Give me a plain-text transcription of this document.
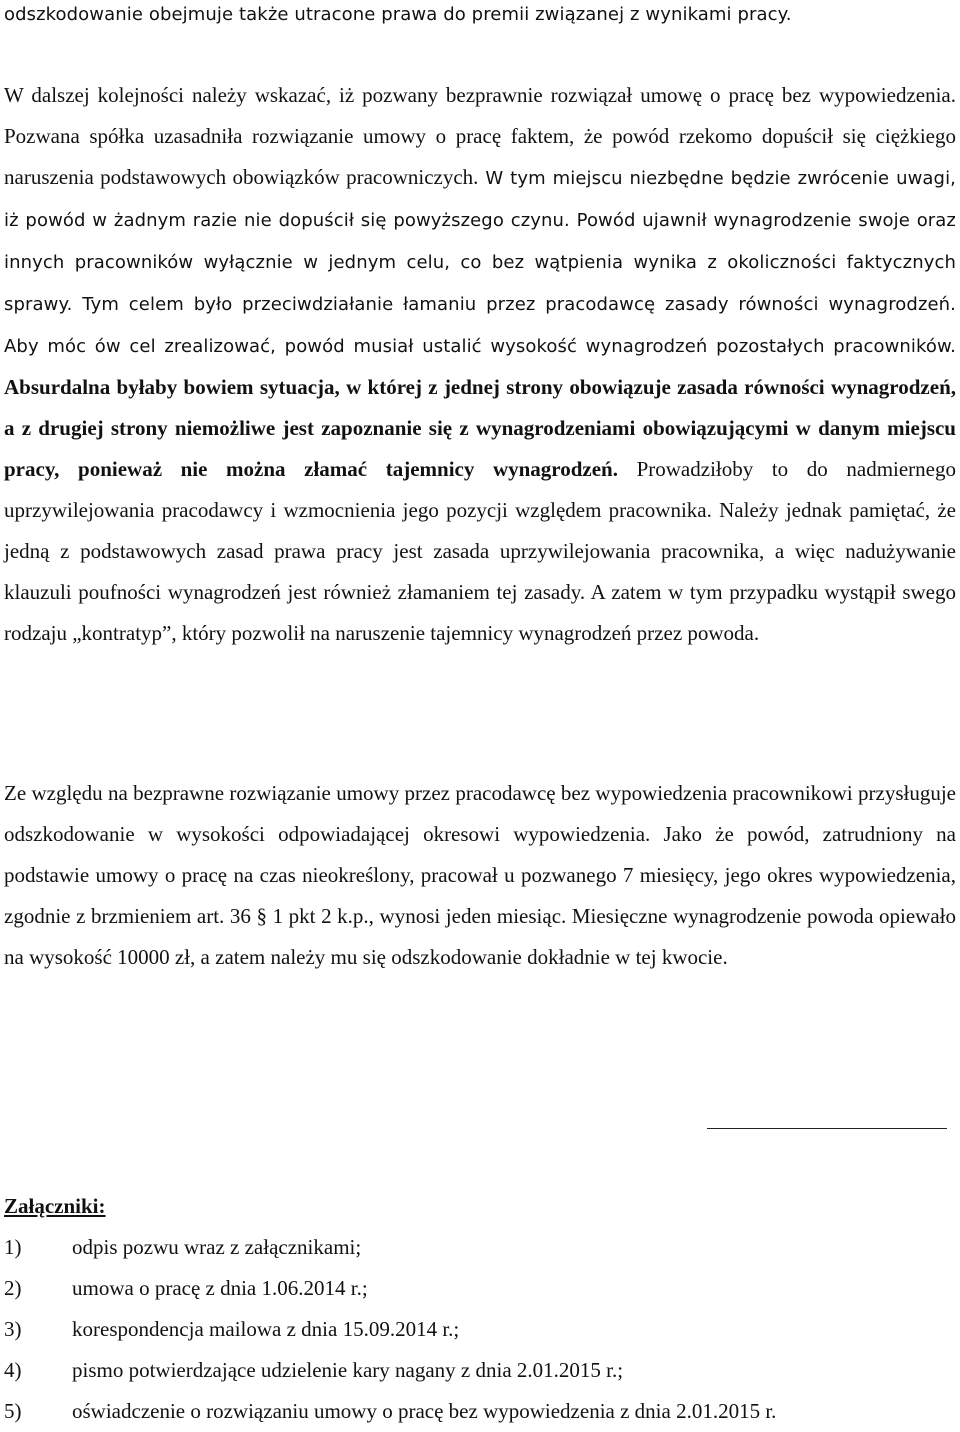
odszkodowanie obejmuje także utracone prawa do premii związanej z wynikami pracy.

W dalszej kolejności należy wskazać, iż pozwany bezprawnie rozwiązał umowę o pracę bez wypowiedzenia. Pozwana spółka uzasadniła rozwiązanie umowy o pracę faktem, że powód rzekomo dopuścił się ciężkiego naruszenia podstawowych obowiązków pracowniczych. W tym miejscu niezbędne będzie zwrócenie uwagi, iż powód w żadnym razie nie dopuścił się powyższego czynu. Powód ujawnił wynagrodzenie swoje oraz innych pracowników wyłącznie w jednym celu, co bez wątpienia wynika z okoliczności faktycznych sprawy. Tym celem było przeciwdziałanie łamaniu przez pracodawcę zasady równości wynagrodzeń. Aby móc ów cel zrealizować, powód musiał ustalić wysokość wynagrodzeń pozostałych pracowników. Absurdalna byłaby bowiem sytuacja, w której z jednej strony obowiązuje zasada równości wynagrodzeń, a z drugiej strony niemożliwe jest zapoznanie się z wynagrodzeniami obowiązującymi w danym miejscu pracy, ponieważ nie można złamać tajemnicy wynagrodzeń. Prowadziłoby to do nadmiernego uprzywilejowania pracodawcy i wzmocnienia jego pozycji względem pracownika. Należy jednak pamiętać, że jedną z podstawowych zasad prawa pracy jest zasada uprzywilejowania pracownika, a więc nadużywanie klauzuli poufności wynagrodzeń jest również złamaniem tej zasady. A zatem w tym przypadku wystąpił swego rodzaju „kontratyp”, który pozwolił na naruszenie tajemnicy wynagrodzeń przez powoda.

Ze względu na bezprawne rozwiązanie umowy przez pracodawcę bez wypowiedzenia pracownikowi przysługuje odszkodowanie w wysokości odpowiadającej okresowi wypowiedzenia. Jako że powód, zatrudniony na podstawie umowy o pracę na czas nieokreślony, pracował u pozwanego 7 miesięcy, jego okres wypowiedzenia, zgodnie z brzmieniem art. 36 § 1 pkt 2 k.p., wynosi jeden miesiąc. Miesięczne wynagrodzenie powoda opiewało na wysokość 10000 zł, a zatem należy mu się odszkodowanie dokładnie w tej kwocie.

Załączniki:

1)	odpis pozwu wraz z załącznikami;
2)	umowa o pracę z dnia 1.06.2014 r.;
3)	korespondencja mailowa z dnia 15.09.2014 r.;
4)	pismo potwierdzające udzielenie kary nagany z dnia 2.01.2015 r.;
5)	oświadczenie o rozwiązaniu umowy o pracę bez wypowiedzenia z dnia 2.01.2015 r.
